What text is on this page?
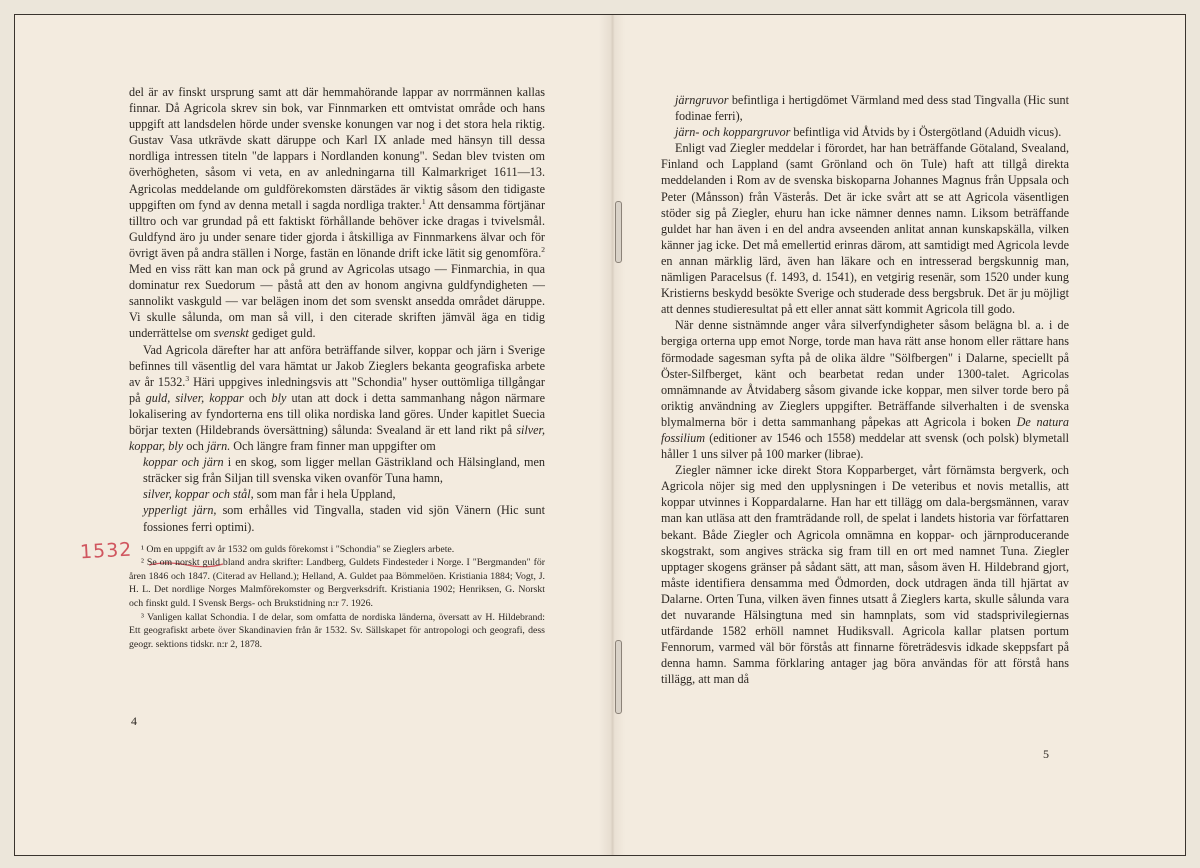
1532

del är av finskt ursprung samt att där hemmahörande lappar av norrmännen kallas finnar. Då Agricola skrev sin bok, var Finnmarken ett omtvistat område och hans uppgift att landsdelen hörde under svenske konungen var nog i det stora hela riktig. Gustav Vasa utkrävde skatt däruppe och Karl IX anlade med hänsyn till dessa nordliga intressen titeln "de lappars i Nordlanden konung". Sedan blev tvisten om överhögheten, såsom vi veta, en av anledningarna till Kalmarkriget 1611—13. Agricolas meddelande om guldförekomsten därstädes är viktig såsom den tidigaste uppgiften om fynd av denna metall i sagda nordliga trakter.$^1$ Att densamma förtjänar tilltro och var grundad på ett faktiskt förhållande behöver icke dragas i tvivelsmål. Guldfynd äro ju under senare tider gjorda i åtskilliga av Finnmarkens älvar och för övrigt även på andra ställen i Norge, fastän en lönande drift icke lätit sig genomföra.$^2$ Med en viss rätt kan man ock på grund av Agricolas utsago — Finmarchia, in qua dominatur rex Suedorum — påstå att den av honom angivna guldfyndigheten — sannolikt vaskguld — var belägen inom det som svenskt ansedda området däruppe. Vi skulle sålunda, om man så vill, i den citerade skriften jämväl äga en tidig underrättelse om svenskt gediget guld.

Vad Agricola därefter har att anföra beträffande silver, koppar och järn i Sverige befinnes till väsentlig del vara hämtat ur Jakob Zieglers bekanta geografiska arbete av år 1532.$^3$ Häri uppgives inledningsvis att "Schondia" hyser outtömliga tillgångar på guld, silver, koppar och bly utan att dock i detta sammanhang någon närmare lokalisering av fyndorterna ens till olika nordiska land göres. Under kapitlet Suecia börjar texten (Hildebrands översättning) sålunda: Svealand är ett land rikt på silver, koppar, bly och järn. Och längre fram finner man uppgifter om

koppar och järn i en skog, som ligger mellan Gästrikland och Hälsingland, men sträcker sig från Siljan till svenska viken ovanför Tuna hamn,

silver, koppar och stål, som man får i hela Uppland,

ypperligt järn, som erhålles vid Tingvalla, staden vid sjön Vänern (Hic sunt fossiones ferri optimi).

¹ Om en uppgift av år 1532 om gulds förekomst i "Schondia" se Zieglers arbete.

² Se om norskt guld bland andra skrifter: Landberg, Guldets Findesteder i Norge. I "Bergmanden" för åren 1846 och 1847. (Citerad av Helland.); Helland, A. Guldet paa Bömmelöen. Kristiania 1884; Vogt, J. H. L. Det nordlige Norges Malmförekomster og Bergverksdrift. Kristiania 1902; Henriksen, G. Norskt och finskt guld. I Svensk Bergs- och Brukstidning n:r 7. 1926.

³ Vanligen kallat Schondia. I de delar, som omfatta de nordiska länderna, översatt av H. Hildebrand: Ett geografiskt arbete över Skandinavien från år 1532. Sv. Sällskapet för antropologi och geografi, dess geogr. sektions tidskr. n:r 2, 1878.

4

järngruvor befintliga i hertigdömet Värmland med dess stad Tingvalla (Hic sunt fodinae ferri),

järn- och koppargruvor befintliga vid Åtvids by i Östergötland (Aduidh vicus).

Enligt vad Ziegler meddelar i förordet, har han beträffande Götaland, Svealand, Finland och Lappland (samt Grönland och ön Tule) haft att tillgå direkta meddelanden i Rom av de svenska biskoparna Johannes Magnus från Uppsala och Peter (Månsson) från Västerås. Det är icke svårt att se att Agricola väsentligen stöder sig på Ziegler, ehuru han icke nämner dennes namn. Liksom beträffande guldet har han även i en del andra avseenden anlitat annan kunskapskälla, vilken känner jag icke. Det må emellertid erinras därom, att samtidigt med Agricola levde en annan märklig lärd, även han läkare och en intresserad bergskunnig man, nämligen Paracelsus (f. 1493, d. 1541), en vetgirig resenär, som 1520 under kung Kristierns beskydd besökte Sverige och studerade dess bergsbruk. Det är ju möjligt att dennes studieresultat på ett eller annat sätt kommit Agricola till godo.

När denne sistnämnde anger våra silverfyndigheter såsom belägna bl. a. i de bergiga orterna upp emot Norge, torde man hava rätt anse honom eller rättare hans förmodade sagesman syfta på de olika äldre "Sölfbergen" i Dalarne, speciellt på Öster-Silfberget, känt och bearbetat redan under 1300-talet. Agricolas omnämnande av Åtvidaberg såsom givande icke koppar, men silver torde bero på oriktig användning av Zieglers uppgifter. Beträffande silverhalten i de svenska blymalmerna bör i detta sammanhang påpekas att Agricola i boken De natura fossilium (editioner av 1546 och 1558) meddelar att svensk (och polsk) blymetall håller 1 uns silver på 100 marker (librae).

Ziegler nämner icke direkt Stora Kopparberget, vårt förnämsta bergverk, och Agricola nöjer sig med den upplysningen i De veteribus et novis metallis, att koppar utvinnes i Koppardalarne. Han har ett tillägg om dala-bergsmännen, varav man kan utläsa att den framträdande roll, de spelat i landets historia var författaren bekant. Både Ziegler och Agricola omnämna en koppar- och järnproducerande skogstrakt, som angives sträcka sig fram till en ort med namnet Tuna. Ziegler upptager skogens gränser på sådant sätt, att man, såsom även H. Hildebrand gjort, måste identifiera densamma med Ödmorden, dock utdragen ända till hjärtat av Dalarne. Orten Tuna, vilken även finnes utsatt å Zieglers karta, skulle sålunda vara det nuvarande Hälsingtuna med sin hamnplats, som vid stadsprivilegiernas utfärdande 1582 erhöll namnet Hudiksvall. Agricola kallar platsen portum Fennorum, varmed väl bör förstås att finnarne företrädesvis idkade skeppsfart på denna hamn. Samma förklaring antager jag böra användas för att förstå hans tillägg, att man då

5
